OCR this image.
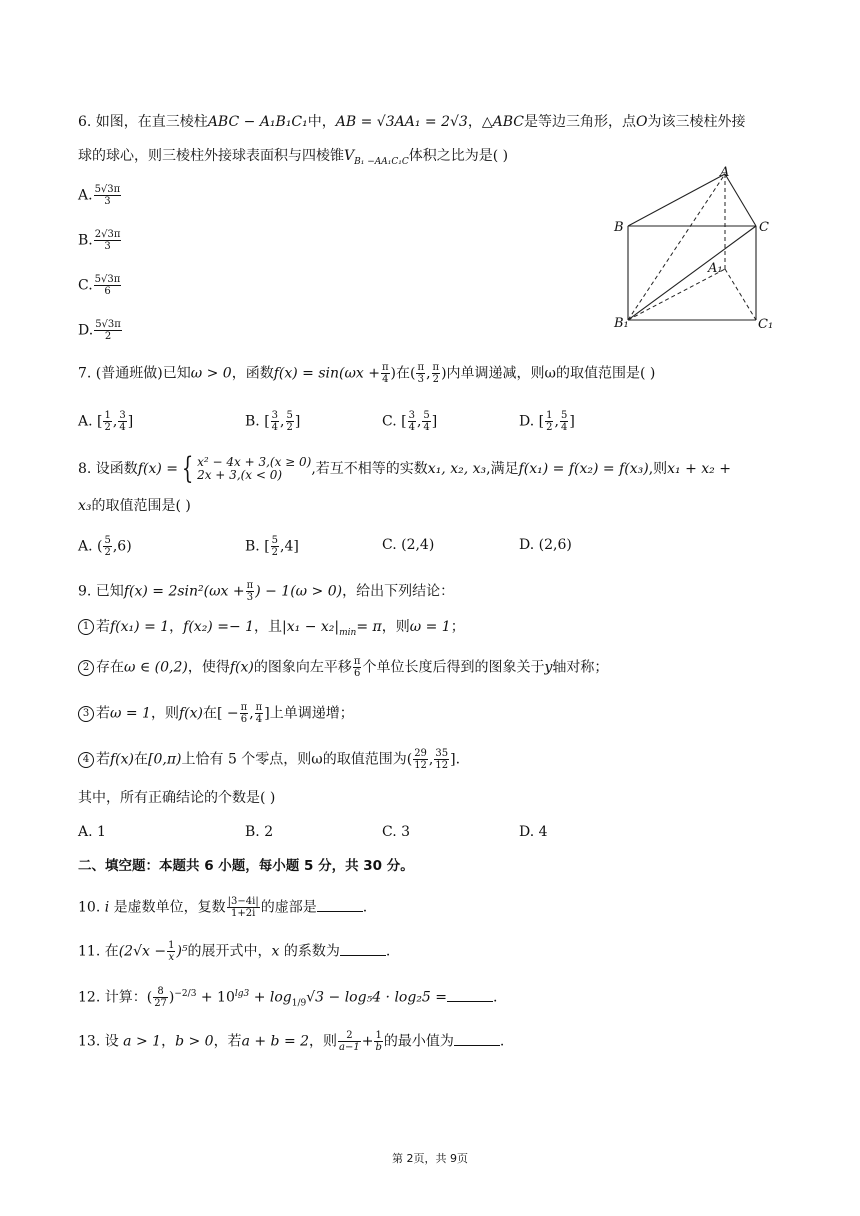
6. 如图，在直三棱柱ABC − A₁B₁C₁中，AB = √3AA₁ = 2√3，△ABC是等边三角形，点O为该三棱柱外接
球的球心，则三棱柱外接球表面积与四棱锥$V_{B_1 -AA_1C_1C}$体积之比为是( )
A. $\frac{5√3\pi}{3}$
B. $\frac{2√3\pi}{3}$
C. $\frac{5√3\pi}{6}$
D. $\frac{5√3\pi}{2}$
A
B	C
A₁
B₁	C₁
7. (普通班做)已知ω > 0，函数$f(x) = \sin(\omega x + \frac{\pi}{4}$ )在( $\frac{\pi}{3}$ , $\frac{\pi}{2}$ )内单调递减，则ω的取值范围是( )
A. [ $\frac{1}{2}$ , $\frac{3}{4}$ ]	B. [ $\frac{3}{4}$ , $\frac{5}{2}$ ]	C. [ $\frac{3}{4}$ , $\frac{5}{4}$ ]	D. [ $\frac{1}{2}$ , $\frac{5}{4}$ ]
8. 设函数f(x) = { x² − 4x + 3,(x ≥ 0)
2x + 3,(x < 0)	,若互不相等的实数x₁, x₂, x₃,满足f(x₁) = f(x₂) = f(x₃),则x₁ + x₂ +
x₃的取值范围是( )
A. ( $\frac{5}{2} ,6$)	B. [ $\frac{5}{2} ,4$]	C. (2,4)	D. (2,6)
9. 已知$f(x) = 2\sin^2(\omega x + \frac{\pi}{3}$ ) − 1(ω > 0)，给出下列结论：
1 若f(x₁) = 1，f(x₂) =− 1，且$|x_1 - x_2|_{min}= \pi$，则ω = 1；
2 存在ω ∈ (0,2)，使得f(x)的图象向左平移 $\frac{\pi}{6}$ 个单位长度后得到的图象关于y轴对称；
3 若ω = 1，则f(x)在[ − $\frac{\pi}{6}$ , $\frac{\pi}{4}$ ]上单调递增；
4 若f(x)在[0,π)上恰有 5 个零点，则ω的取值范围为( $\frac{29}{12}$ , $\frac{35}{12}$ ].
其中，所有正确结论的个数是( )
A. 1	B. 2	C. 3	D. 4
二、填空题：本题共 6 小题，每小题 5 分，共 30 分。
10. i 是虚数单位，复数 $\frac{|3-4i|}{1+2i}$ 的虚部是	.
11. 在$(2√x - \frac{1}{x} )^5$的展开式中，x 的系数为	.
12. 计算：( $\frac{8}{27} )^{-2/3} + 10^{lg3} + \log_{1/9}√3 - \log_54 \cdot \log_25$ =	.
13. 设 a > 1，b > 0，若a + b = 2，则 $\frac{2}{a-1} + \frac{1}{b}$ 的最小值为	.
第 2页，共 9页
